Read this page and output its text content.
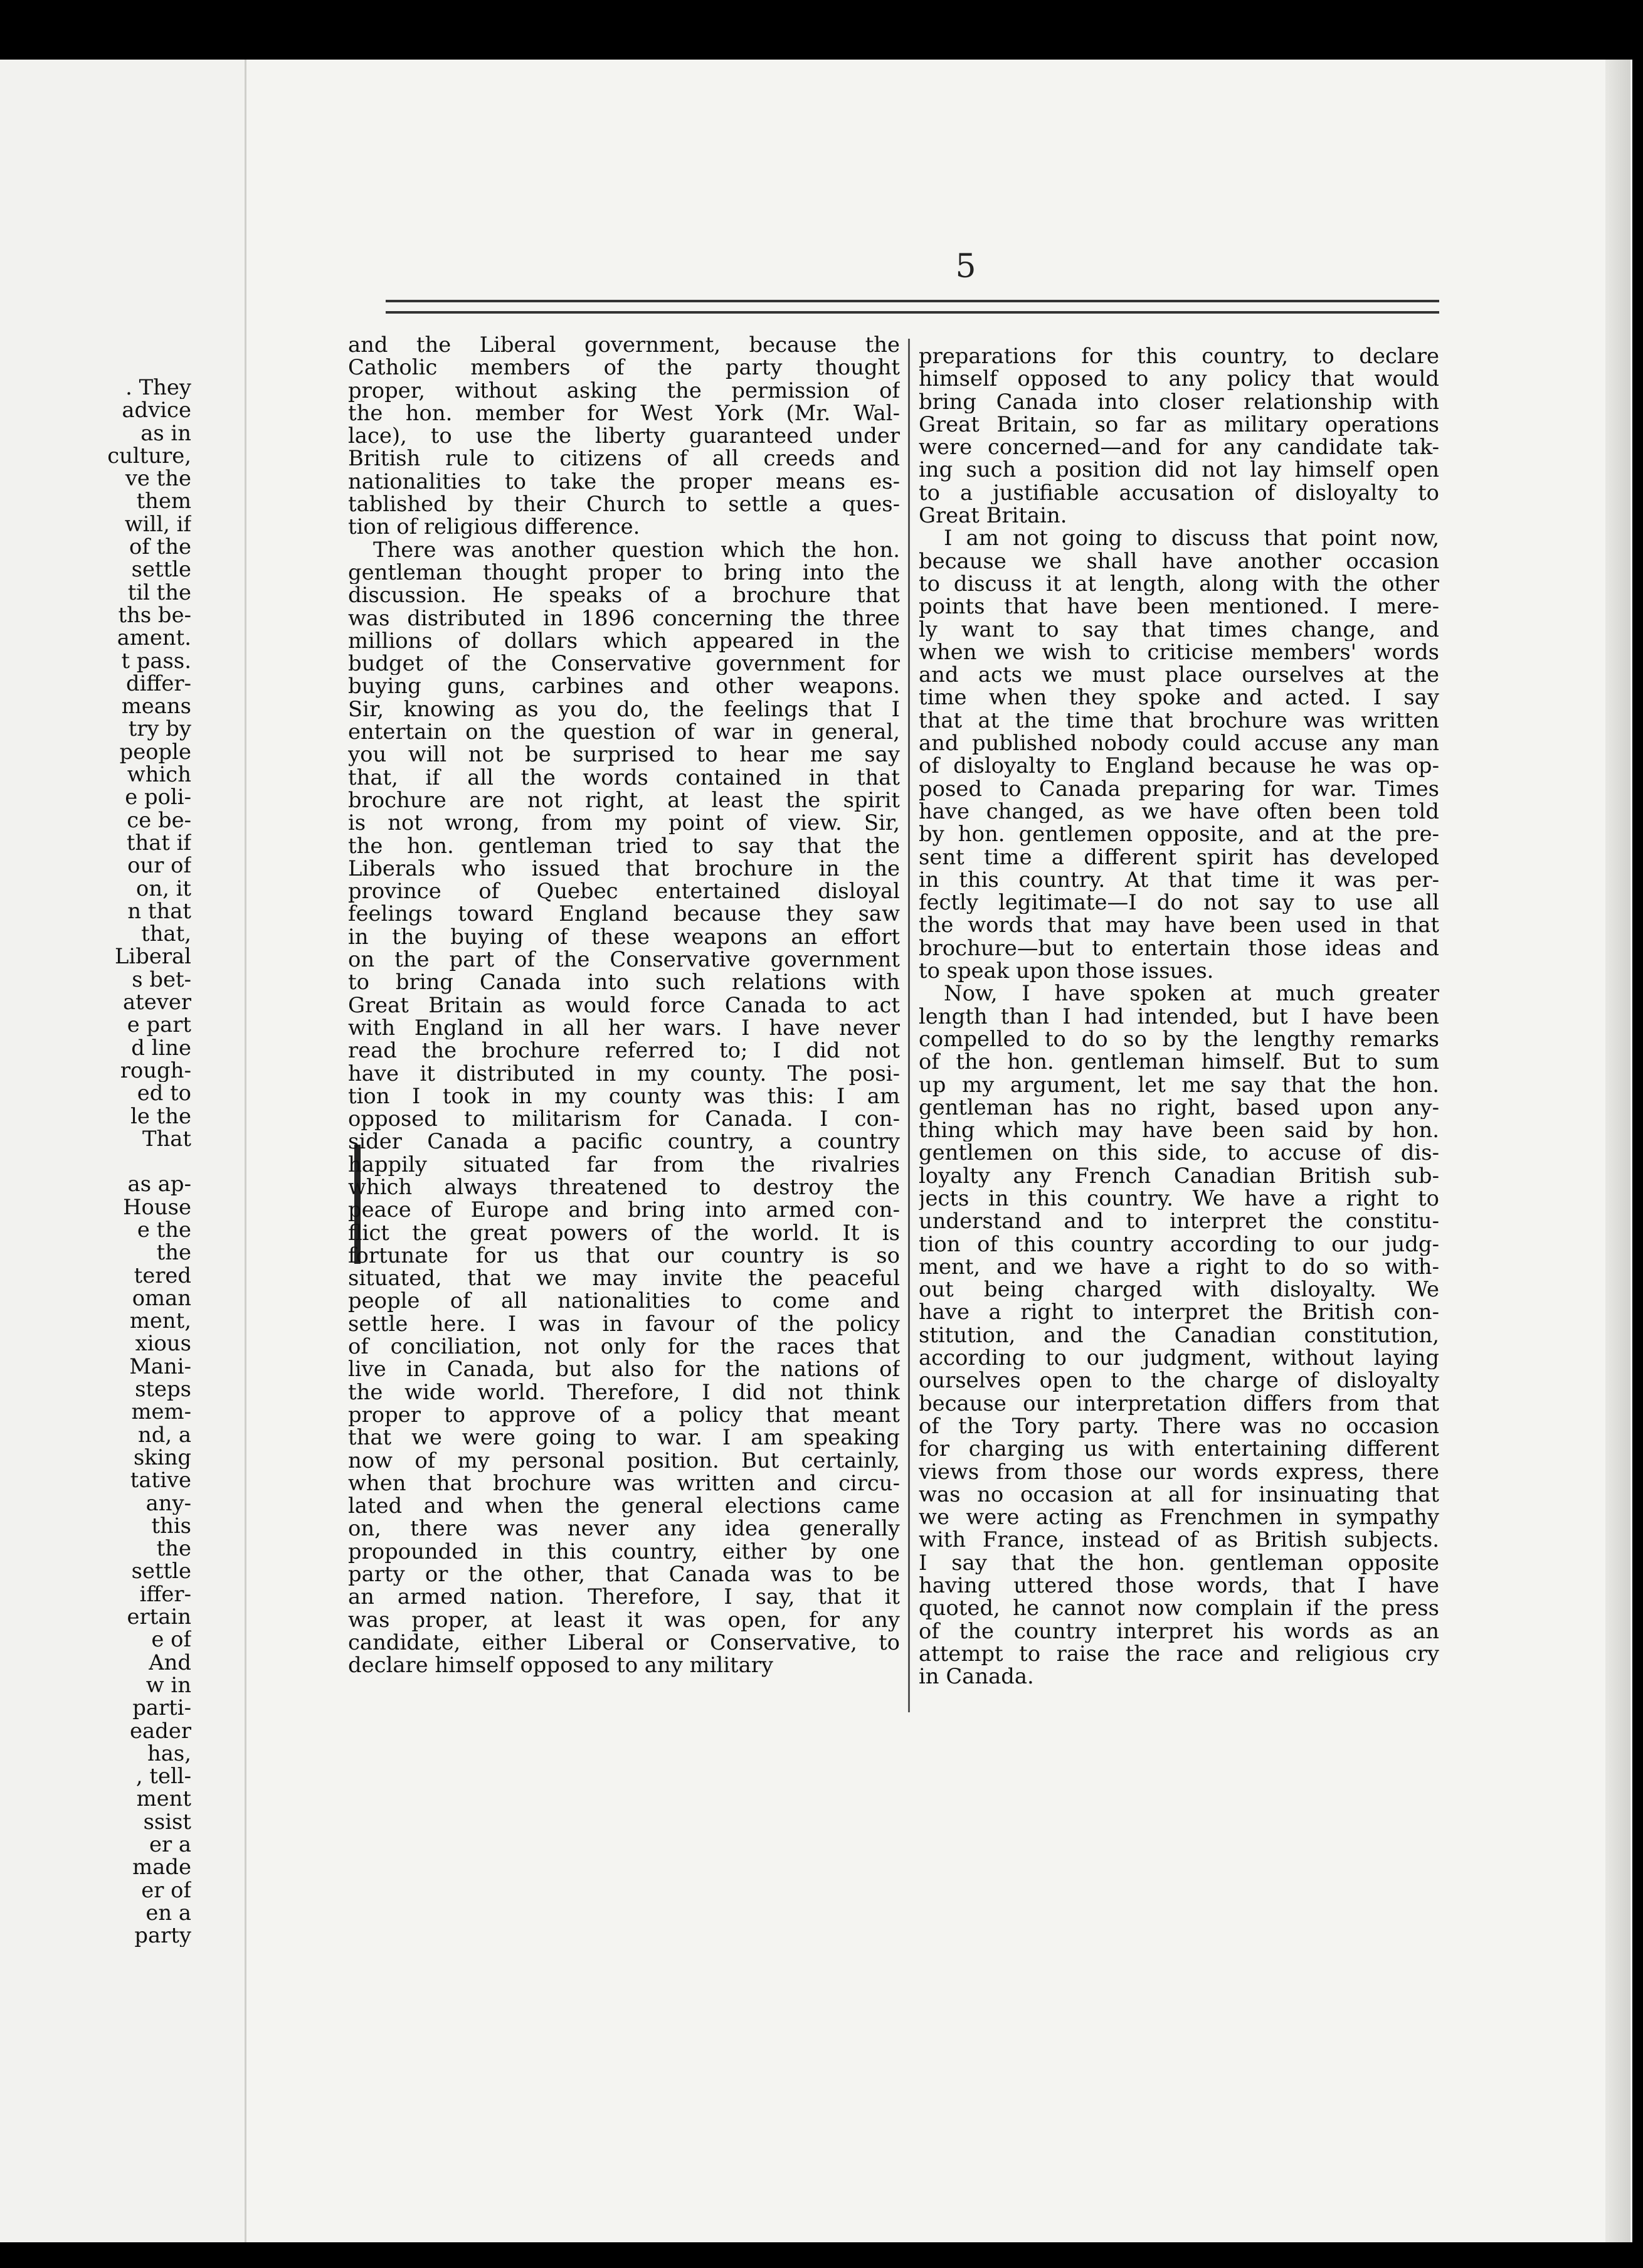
. They
advice
as in
culture,
ve the
them
will, if
of the
settle
til the
ths be-
ament.
t pass.
differ-
means
try by
people
which
e poli-
ce be-
that if
our of
on, it
n that
that,
Liberal
s bet-
atever
e part
d line
rough-
ed to
le the
That
as ap-
House
e the
the
tered
oman
ment,
xious
Mani-
steps
mem-
nd, a
sking
tative
any-
this
the
settle
iffer-
ertain
e of
And
w in
parti-
eader
has,
, tell-
ment
ssist
er a
made
er of
en a
party
5
and the Liberal government, because the
Catholic members of the party thought
proper, without asking the permission of
the hon. member for West York (Mr. Wal-
lace), to use the liberty guaranteed under
British rule to citizens of all creeds and
nationalities to take the proper means es-
tablished by their Church to settle a ques-
tion of religious difference.
There was another question which the hon.
gentleman thought proper to bring into the
discussion. He speaks of a brochure that
was distributed in 1896 concerning the three
millions of dollars which appeared in the
budget of the Conservative government for
buying guns, carbines and other weapons.
Sir, knowing as you do, the feelings that I
entertain on the question of war in general,
you will not be surprised to hear me say
that, if all the words contained in that
brochure are not right, at least the spirit
is not wrong, from my point of view. Sir,
the hon. gentleman tried to say that the
Liberals who issued that brochure in the
province of Quebec entertained disloyal
feelings toward England because they saw
in the buying of these weapons an effort
on the part of the Conservative government
to bring Canada into such relations with
Great Britain as would force Canada to act
with England in all her wars. I have never
read the brochure referred to; I did not
have it distributed in my county. The posi-
tion I took in my county was this: I am
opposed to militarism for Canada. I con-
sider Canada a pacific country, a country
happily situated far from the rivalries
which always threatened to destroy the
peace of Europe and bring into armed con-
flict the great powers of the world. It is
fortunate for us that our country is so
situated, that we may invite the peaceful
people of all nationalities to come and
settle here. I was in favour of the policy
of conciliation, not only for the races that
live in Canada, but also for the nations of
the wide world. Therefore, I did not think
proper to approve of a policy that meant
that we were going to war. I am speaking
now of my personal position. But certainly,
when that brochure was written and circu-
lated and when the general elections came
on, there was never any idea generally
propounded in this country, either by one
party or the other, that Canada was to be
an armed nation. Therefore, I say, that it
was proper, at least it was open, for any
candidate, either Liberal or Conservative, to
declare himself opposed to any military
preparations for this country, to declare
himself opposed to any policy that would
bring Canada into closer relationship with
Great Britain, so far as military operations
were concerned—and for any candidate tak-
ing such a position did not lay himself open
to a justifiable accusation of disloyalty to
Great Britain.
I am not going to discuss that point now,
because we shall have another occasion
to discuss it at length, along with the other
points that have been mentioned. I mere-
ly want to say that times change, and
when we wish to criticise members' words
and acts we must place ourselves at the
time when they spoke and acted. I say
that at the time that brochure was written
and published nobody could accuse any man
of disloyalty to England because he was op-
posed to Canada preparing for war. Times
have changed, as we have often been told
by hon. gentlemen opposite, and at the pre-
sent time a different spirit has developed
in this country. At that time it was per-
fectly legitimate—I do not say to use all
the words that may have been used in that
brochure—but to entertain those ideas and
to speak upon those issues.
Now, I have spoken at much greater
length than I had intended, but I have been
compelled to do so by the lengthy remarks
of the hon. gentleman himself. But to sum
up my argument, let me say that the hon.
gentleman has no right, based upon any-
thing which may have been said by hon.
gentlemen on this side, to accuse of dis-
loyalty any French Canadian British sub-
jects in this country. We have a right to
understand and to interpret the constitu-
tion of this country according to our judg-
ment, and we have a right to do so with-
out being charged with disloyalty. We
have a right to interpret the British con-
stitution, and the Canadian constitution,
according to our judgment, without laying
ourselves open to the charge of disloyalty
because our interpretation differs from that
of the Tory party. There was no occasion
for charging us with entertaining different
views from those our words express, there
was no occasion at all for insinuating that
we were acting as Frenchmen in sympathy
with France, instead of as British subjects.
I say that the hon. gentleman opposite
having uttered those words, that I have
quoted, he cannot now complain if the press
of the country interpret his words as an
attempt to raise the race and religious cry
in Canada.
